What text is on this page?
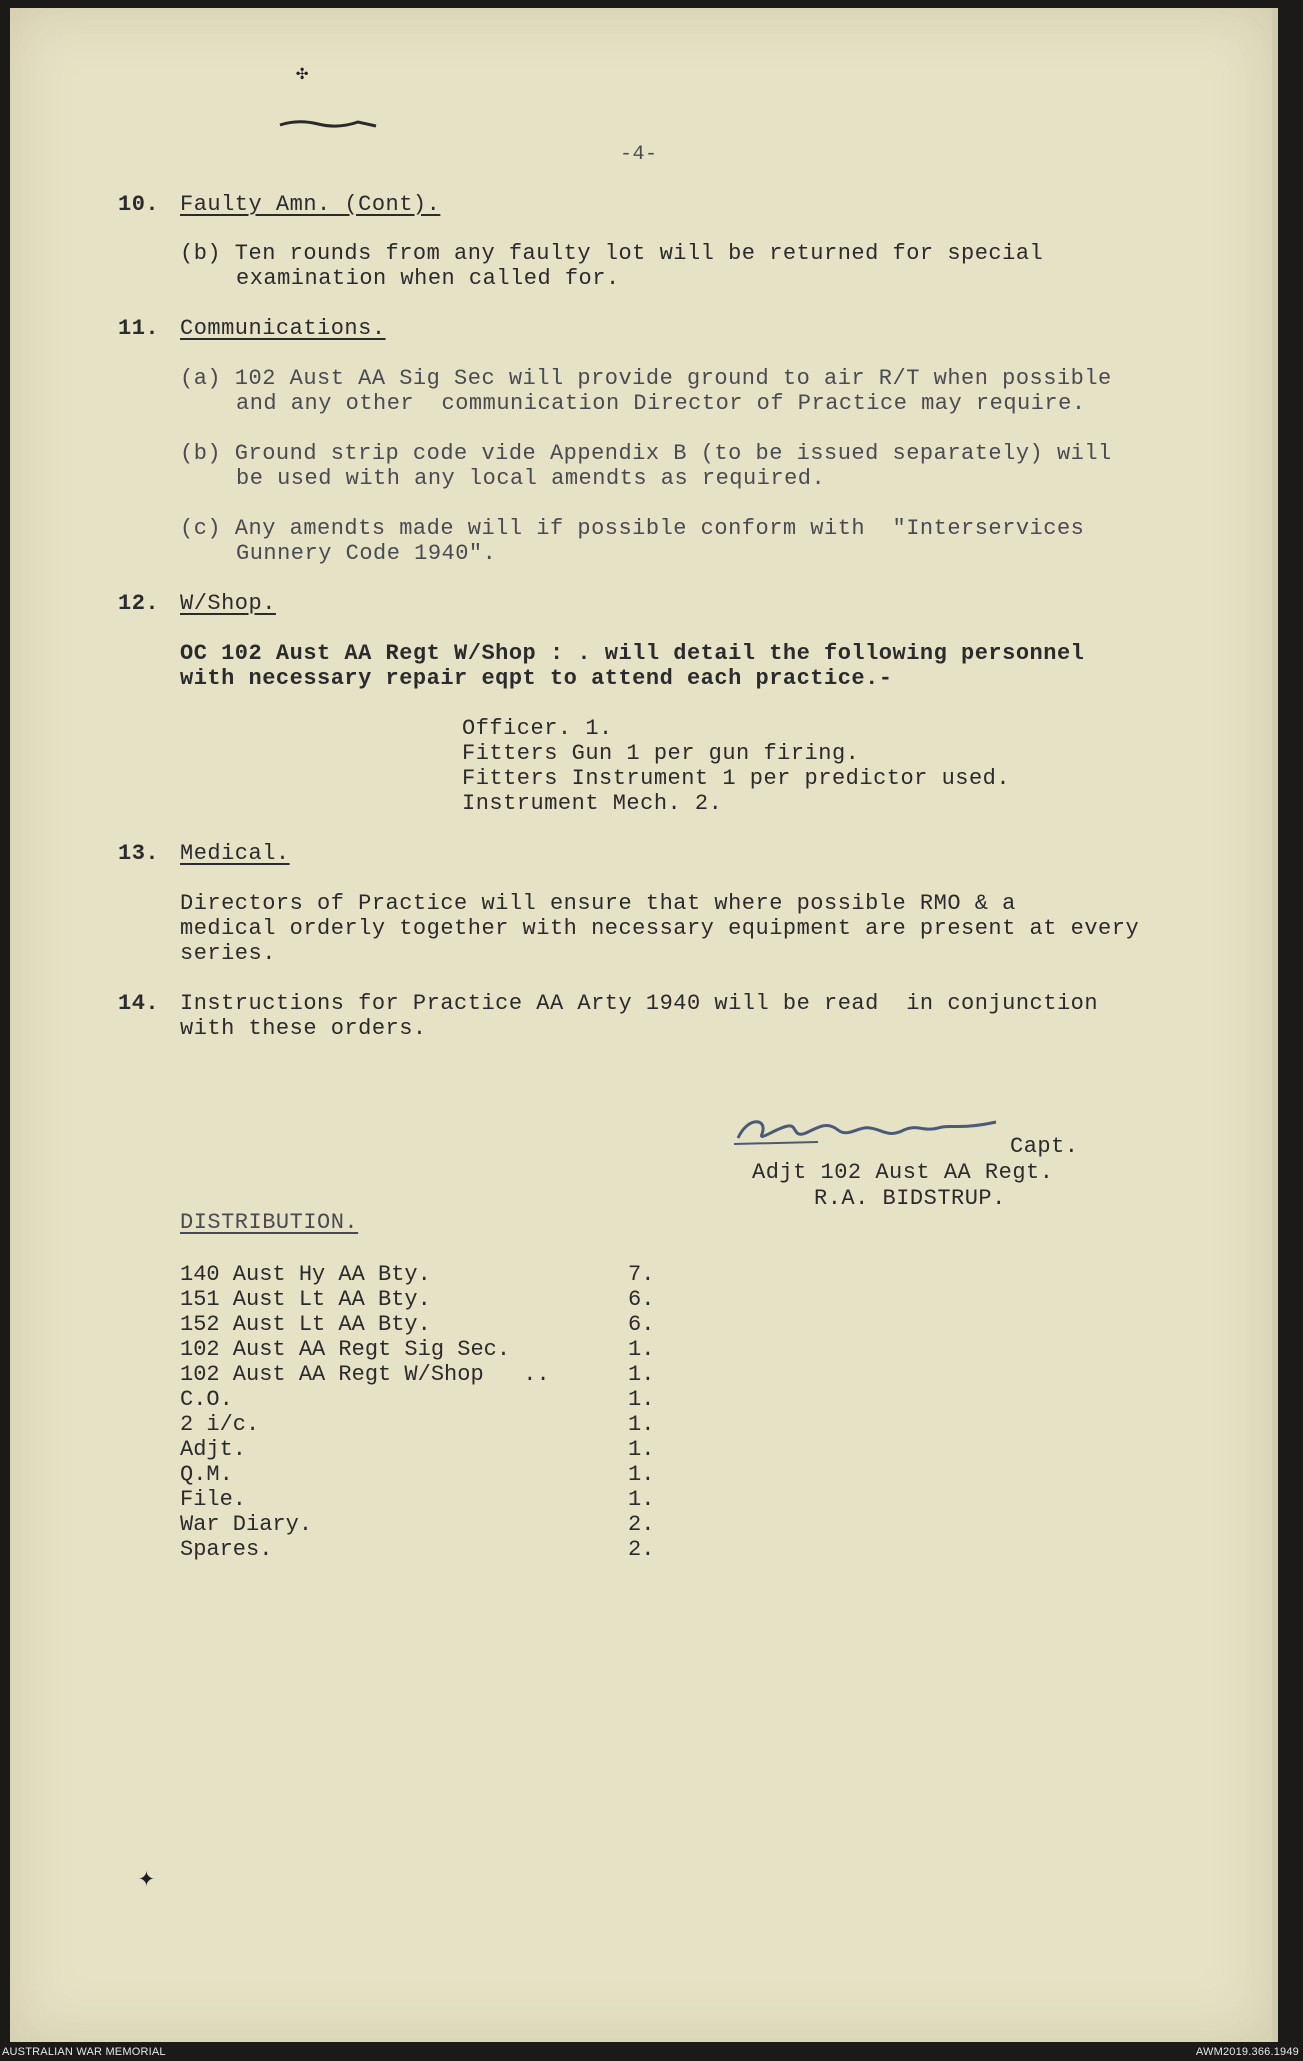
✣
✦
-4-
10. Faulty Amn. (Cont).
(b) Ten rounds from any faulty lot will be returned for special
examination when called for.
11. Communications.
(a) 102 Aust AA Sig Sec will provide ground to air R/T when possible
and any other  communication Director of Practice may require.
(b) Ground strip code vide Appendix B (to be issued separately) will
be used with any local amendts as required.
(c) Any amendts made will if possible conform with  "Interservices
Gunnery Code 1940".
12. W/Shop.
OC 102 Aust AA Regt W/Shop : . will detail the following personnel
with necessary repair eqpt to attend each practice.-
Officer. 1.
Fitters Gun 1 per gun firing.
Fitters Instrument 1 per predictor used.
Instrument Mech. 2.
13. Medical.
Directors of Practice will ensure that where possible RMO & a
medical orderly together with necessary equipment are present at every
series.
14. Instructions for Practice AA Arty 1940 will be read  in conjunction
with these orders.
Capt.
Adjt 102 Aust AA Regt.
R.A. BIDSTRUP.
DISTRIBUTION.
140 Aust Hy AA Bty.	7.
151 Aust Lt AA Bty.	6.
152 Aust Lt AA Bty.	6.
102 Aust AA Regt Sig Sec.	1.
102 Aust AA Regt W/Shop   ..	1.
C.O.	1.
2 i/c.	1.
Adjt.	1.
Q.M.	1.
File.	1.
War Diary.	2.
Spares.	2.
AUSTRALIAN WAR MEMORIAL	AWM2019.366.1949
